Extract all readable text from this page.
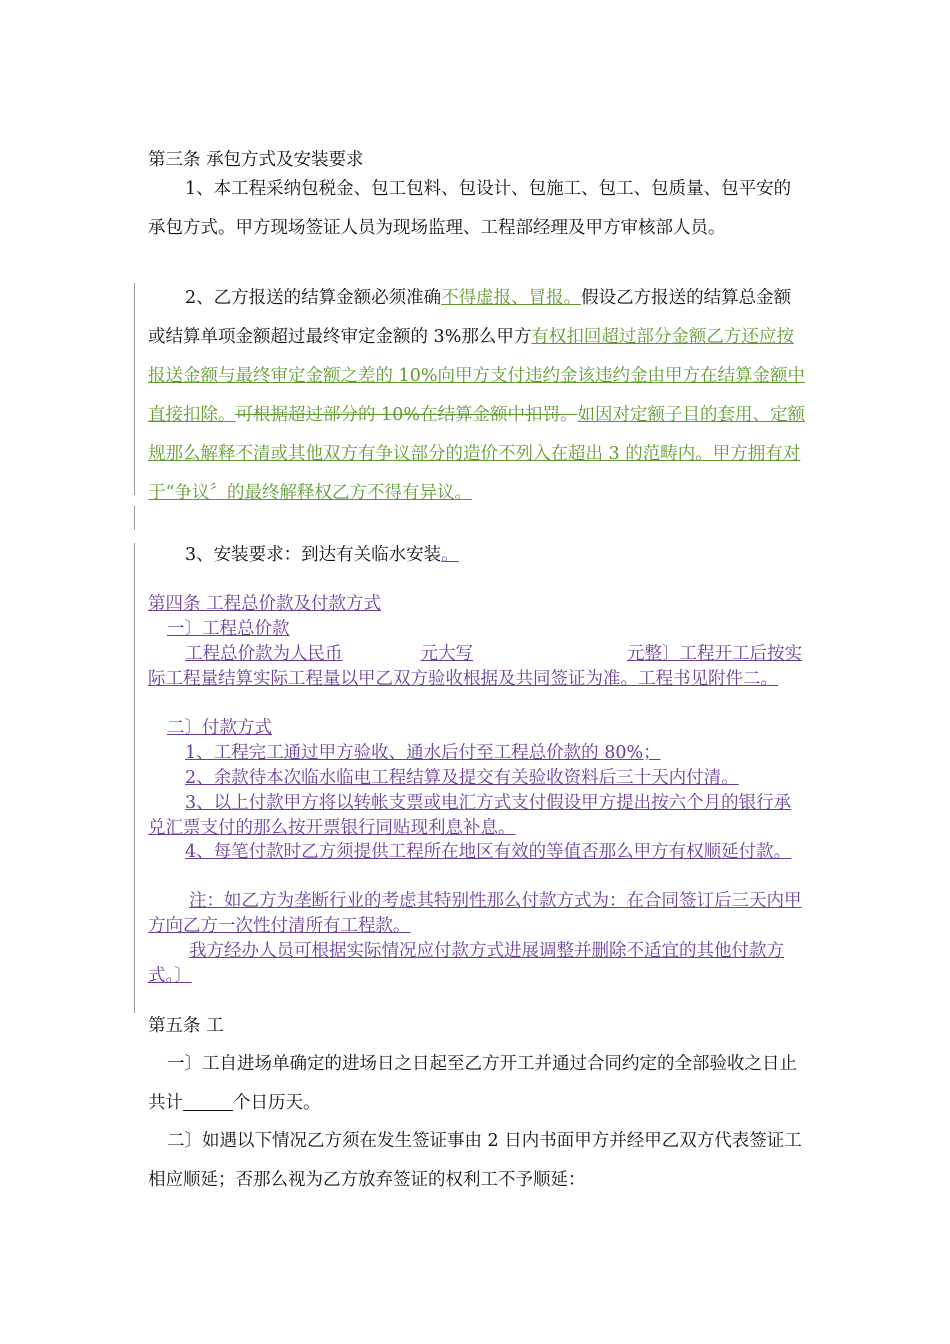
第三条 承包方式及安装要求

1、本工程采纳包税金、包工包料、包设计、包施工、包工、包质量、包平安的承包方式。甲方现场签证人员为现场监理、工程部经理及甲方审核部人员。

2、乙方报送的结算金额必须准确不得虚报、冒报。假设乙方报送的结算总金额或结算单项金额超过最终审定金额的 3%那么甲方有权扣回超过部分金额乙方还应按报送金额与最终审定金额之差的 10%向甲方支付违约金该违约金由甲方在结算金额中直接扣除。可根据超过部分的 10%在结算金额中扣罚。如因对定额子目的套用、定额规那么解释不清或其他双方有争议部分的造价不列入在超出 3 的范畴内。甲方拥有对于“争议〞的最终解释权乙方不得有异议。

3、安装要求：到达有关临水安装。

第四条 工程总价款及付款方式

一〕工程总价款

工程总价款为人民币	元大写	元整〕工程开工后按实际工程量结算实际工程量以甲乙双方验收根据及共同签证为准。工程书见附件二。

二〕付款方式

1、工程完工通过甲方验收、通水后付至工程总价款的 80%；

2、余款待本次临水临电工程结算及提交有关验收资料后三十天内付清。

3、以上付款甲方将以转帐支票或电汇方式支付假设甲方提出按六个月的银行承兑汇票支付的那么按开票银行同贴现利息补息。

4、每笔付款时乙方须提供工程所在地区有效的等值否那么甲方有权顺延付款。

注：如乙方为垄断行业的考虑其特别性那么付款方式为：在合同签订后三天内甲方向乙方一次性付清所有工程款。

我方经办人员可根据实际情况应付款方式进展调整并删除不适宜的其他付款方式。〕

第五条 工

一〕工自进场单确定的进场日之日起至乙方开工并通过合同约定的全部验收之日止共计	个日历天。

二〕如遇以下情况乙方须在发生签证事由 2 日内书面甲方并经甲乙双方代表签证工相应顺延；否那么视为乙方放弃签证的权利工不予顺延：
